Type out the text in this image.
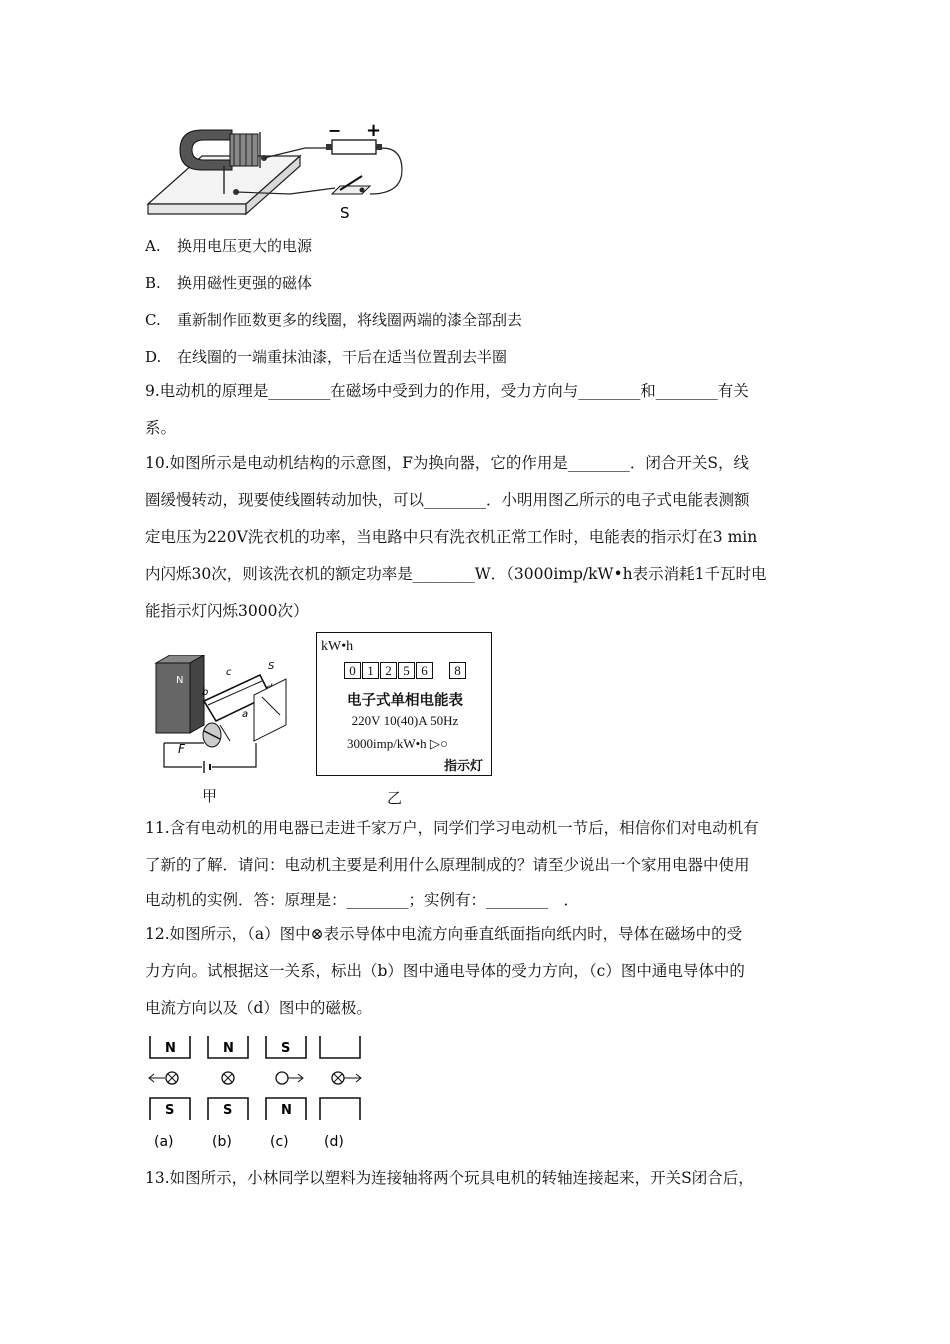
− +
S
A. 换用电压更大的电源
B. 换用磁性更强的磁体
C. 重新制作匝数更多的线圈，将线圈两端的漆全部刮去
D. 在线圈的一端重抹油漆，干后在适当位置刮去半圈
9.电动机的原理是________在磁场中受到力的作用，受力方向与________和________有关
系。
10.如图所示是电动机结构的示意图，F为换向器，它的作用是________．闭合开关S，线
圈缓慢转动，现要使线圈转动加快，可以________．小明用图乙所示的电子式电能表测额
定电压为220V洗衣机的功率，当电路中只有洗衣机正常工作时，电能表的指示灯在3 min
内闪烁30次，则该洗衣机的额定功率是________W．（3000imp/kW•h表示消耗1千瓦时电
能指示灯闪烁3000次）
N
a
b
c
S
F
甲
kW•h
0 1 2 5 6	8
电子式单相电能表
220V 10(40)A 50Hz
3000imp/kW•h ▷○
指示灯
乙
11.含有电动机的用电器已走进千家万户，同学们学习电动机一节后，相信你们对电动机有
了新的了解．请问：电动机主要是利用什么原理制成的？请至少说出一个家用电器中使用
电动机的实例．答：原理是：________；实例有：________　．
12.如图所示，（a）图中⊗表示导体中电流方向垂直纸面指向纸内时，导体在磁场中的受
力方向。试根据这一关系，标出（b）图中通电导体的受力方向，（c）图中通电导体中的
电流方向以及（d）图中的磁极。
N
S
N
S
S
N
(a)	(b)	(c)	(d)
13.如图所示，小林同学以塑料为连接轴将两个玩具电机的转轴连接起来，开关S闭合后，
